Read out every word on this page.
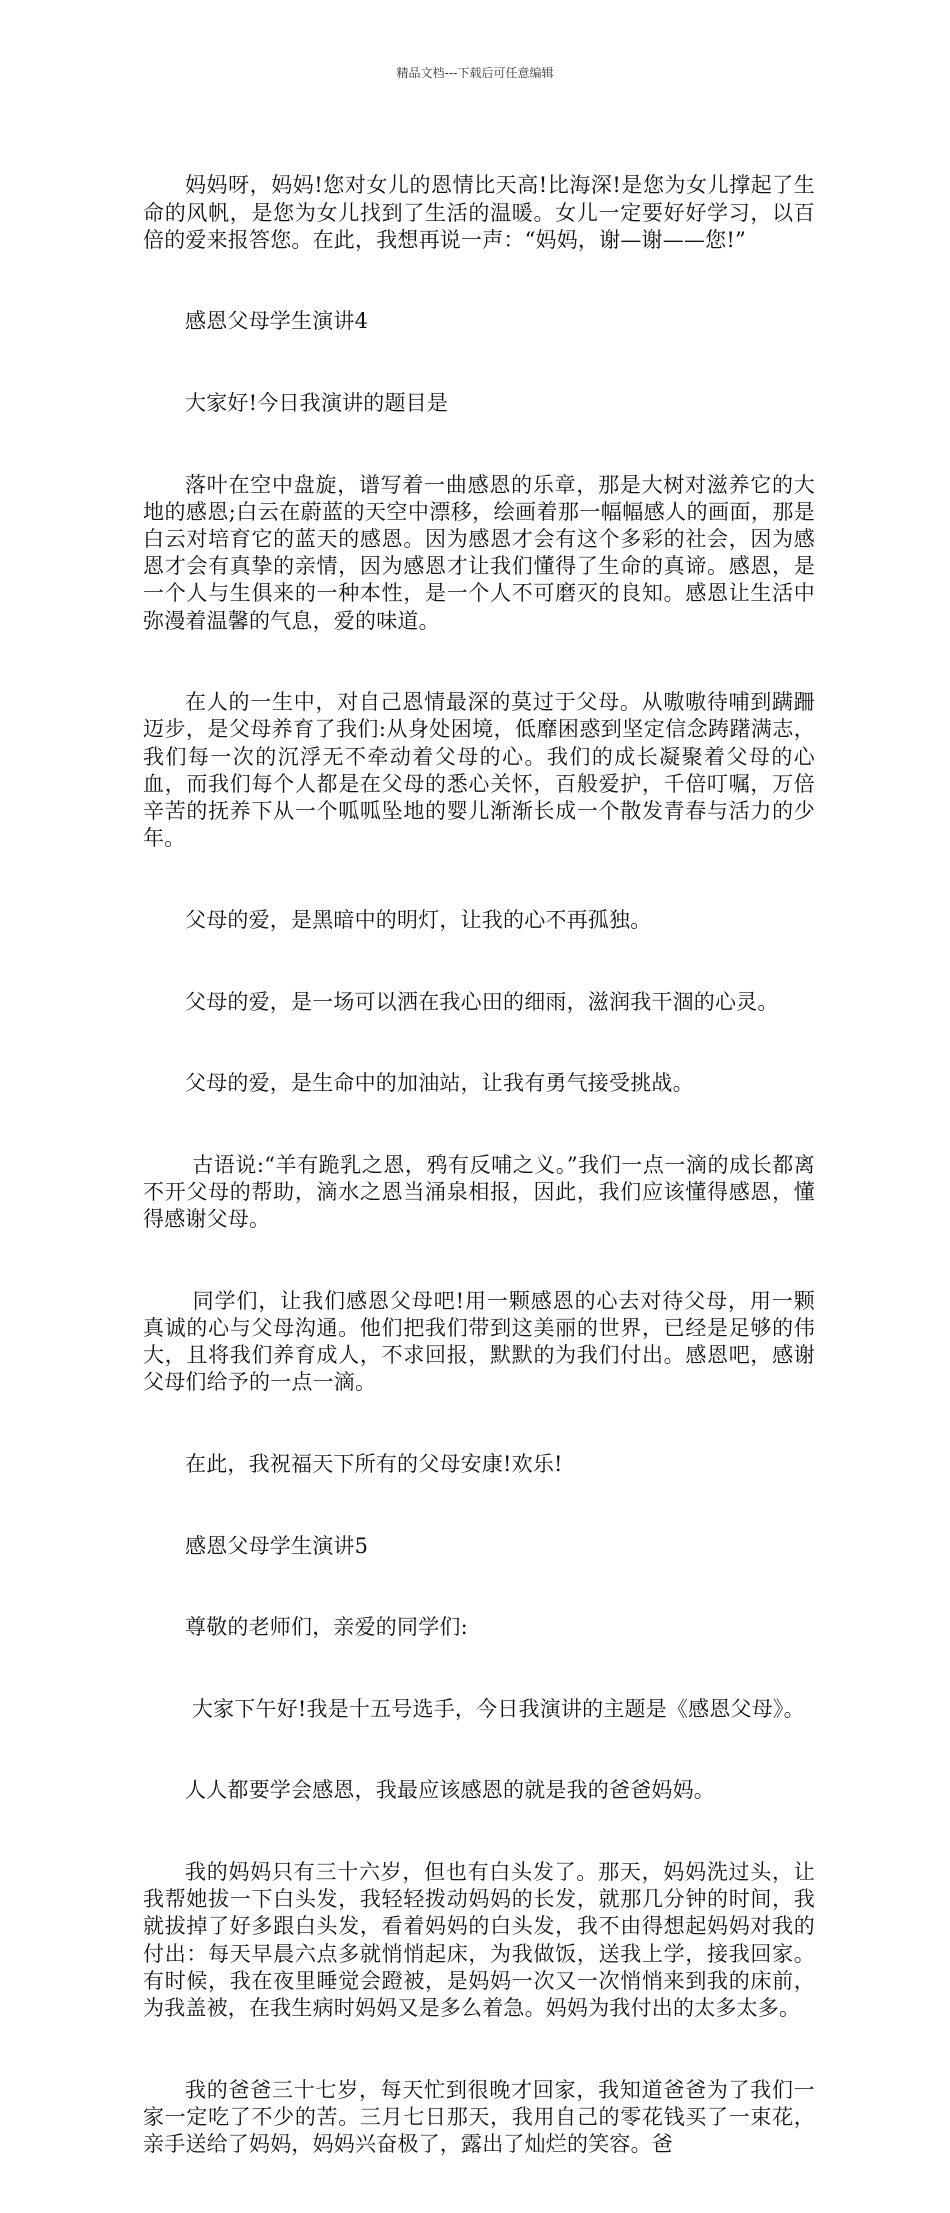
精品文档---下载后可任意编辑

妈妈呀，妈妈!您对女儿的恩情比天高!比海深!是您为女儿撑起了生命的风帆，是您为女儿找到了生活的温暖。女儿一定要好好学习，以百倍的爱来报答您。在此，我想再说一声：“妈妈，谢—谢——您!”

感恩父母学生演讲4

大家好!今日我演讲的题目是

落叶在空中盘旋，谱写着一曲感恩的乐章，那是大树对滋养它的大地的感恩;白云在蔚蓝的天空中漂移，绘画着那一幅幅感人的画面，那是白云对培育它的蓝天的感恩。因为感恩才会有这个多彩的社会，因为感恩才会有真挚的亲情，因为感恩才让我们懂得了生命的真谛。感恩，是一个人与生俱来的一种本性，是一个人不可磨灭的良知。感恩让生活中弥漫着温馨的气息，爱的味道。

在人的一生中，对自己恩情最深的莫过于父母。从嗷嗷待哺到蹒跚迈步，是父母养育了我们:从身处困境，低靡困惑到坚定信念踌躇满志，我们每一次的沉浮无不牵动着父母的心。我们的成长凝聚着父母的心血，而我们每个人都是在父母的悉心关怀，百般爱护，千倍叮嘱，万倍辛苦的抚养下从一个呱呱坠地的婴儿渐渐长成一个散发青春与活力的少年。

父母的爱，是黑暗中的明灯，让我的心不再孤独。

父母的爱，是一场可以洒在我心田的细雨，滋润我干涸的心灵。

父母的爱，是生命中的加油站，让我有勇气接受挑战。

古语说:“羊有跪乳之恩，鸦有反哺之义。”我们一点一滴的成长都离不开父母的帮助，滴水之恩当涌泉相报，因此，我们应该懂得感恩，懂得感谢父母。

同学们，让我们感恩父母吧!用一颗感恩的心去对待父母，用一颗真诚的心与父母沟通。他们把我们带到这美丽的世界，已经是足够的伟大，且将我们养育成人，不求回报，默默的为我们付出。感恩吧，感谢父母们给予的一点一滴。

在此，我祝福天下所有的父母安康!欢乐!

感恩父母学生演讲5

尊敬的老师们，亲爱的同学们:

大家下午好!我是十五号选手，今日我演讲的主题是《感恩父母》。

人人都要学会感恩，我最应该感恩的就是我的爸爸妈妈。

我的妈妈只有三十六岁，但也有白头发了。那天，妈妈洗过头，让我帮她拔一下白头发，我轻轻拨动妈妈的长发，就那几分钟的时间，我就拔掉了好多跟白头发，看着妈妈的白头发，我不由得想起妈妈对我的付出：每天早晨六点多就悄悄起床，为我做饭，送我上学，接我回家。有时候，我在夜里睡觉会蹬被，是妈妈一次又一次悄悄来到我的床前，为我盖被，在我生病时妈妈又是多么着急。妈妈为我付出的太多太多。

我的爸爸三十七岁，每天忙到很晚才回家，我知道爸爸为了我们一家一定吃了不少的苦。三月七日那天，我用自己的零花钱买了一束花，亲手送给了妈妈，妈妈兴奋极了，露出了灿烂的笑容。爸
